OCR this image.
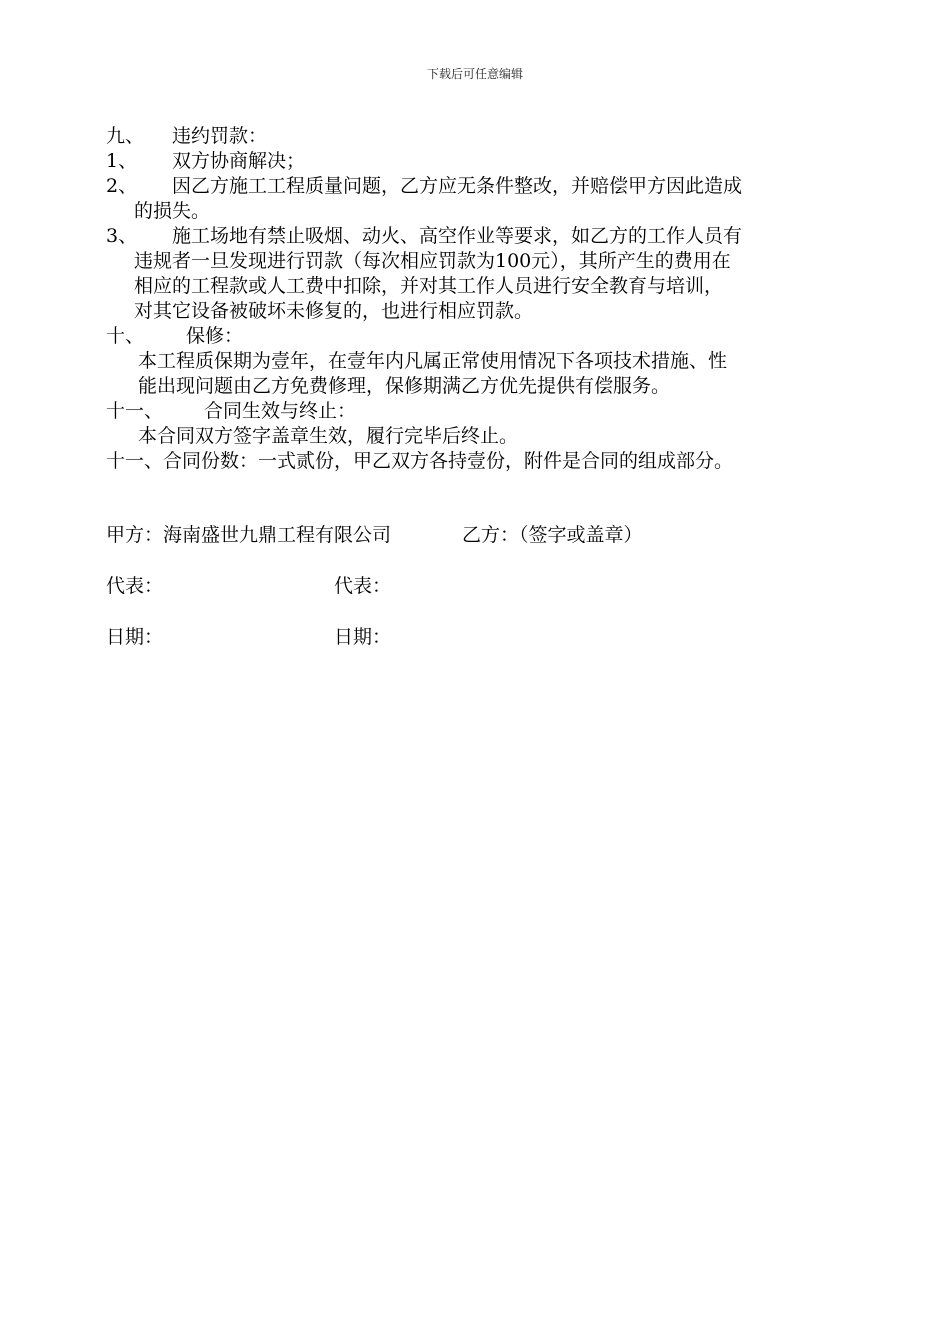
下载后可任意编辑
九、 违约罚款：
1、 双方协商解决；
2、 因乙方施工工程质量问题，乙方应无条件整改，并赔偿甲方因此造成
的损失。
3、 施工场地有禁止吸烟、动火、高空作业等要求，如乙方的工作人员有
违规者一旦发现进行罚款（每次相应罚款为100元），其所产生的费用在
相应的工程款或人工费中扣除，并对其工作人员进行安全教育与培训，
对其它设备被破坏未修复的，也进行相应罚款。
十、 保修：
本工程质保期为壹年，在壹年内凡属正常使用情况下各项技术措施、性
能出现问题由乙方免费修理，保修期满乙方优先提供有偿服务。
十一、 合同生效与终止：
本合同双方签字盖章生效，履行完毕后终止。
十一、合同份数：一式贰份，甲乙双方各持壹份，附件是合同的组成部分。
甲方：海南盛世九鼎工程有限公司	乙方：（签字或盖章）
代表：	代表：
日期：	日期：
